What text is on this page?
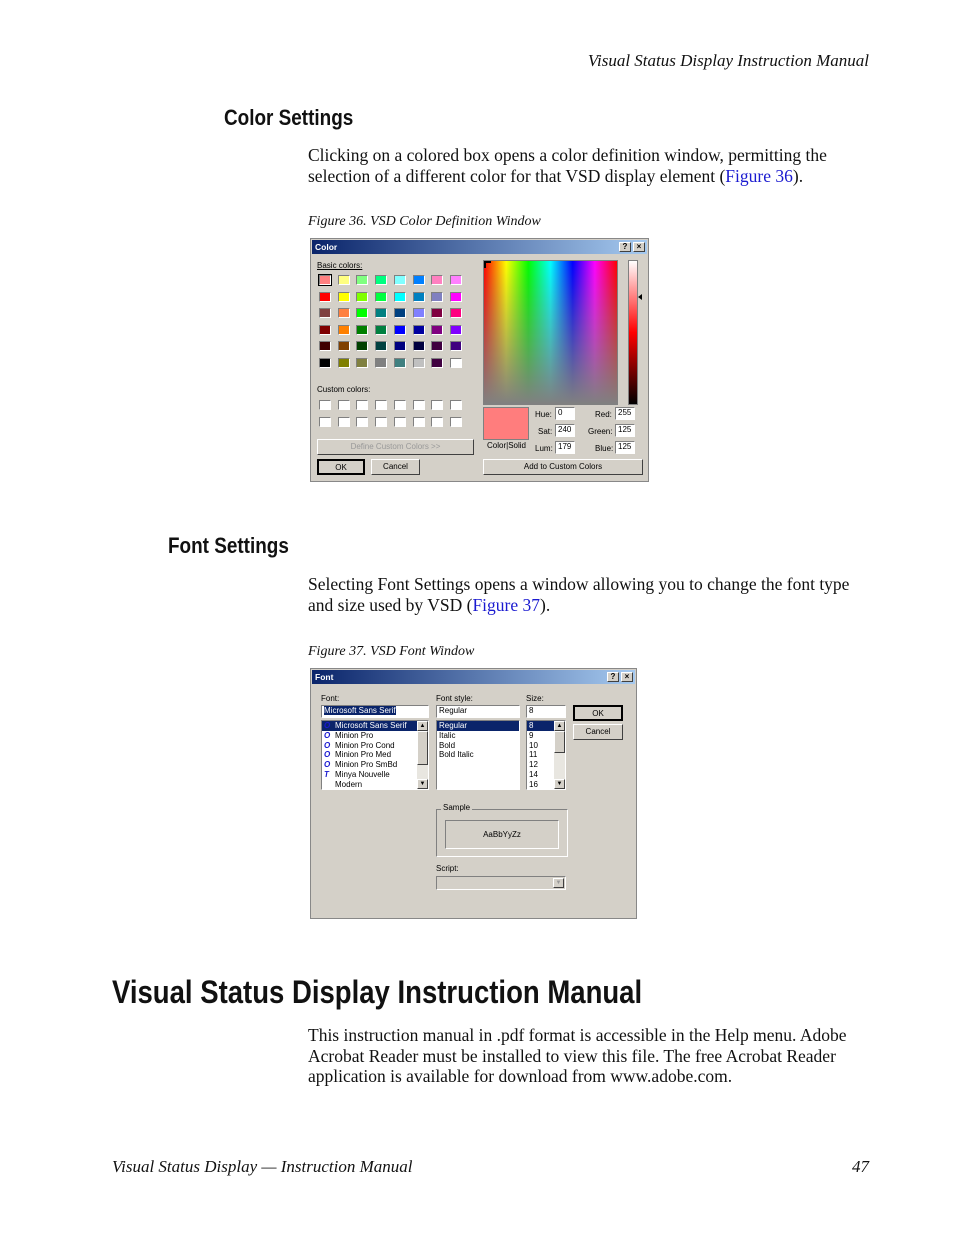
Visual Status Display Instruction Manual
Color Settings
Clicking on a colored box opens a color definition window, permitting the selection of a different color for that VSD display element (Figure 36).
Figure 36. VSD Color Definition Window
Color	?	×
Basic colors:
Custom colors:
Define Custom Colors >>
OK	Cancel
Color|Solid
Hue: 0
Sat: 240
Lum: 179
Red: 255
Green: 125
Blue: 125
Add to Custom Colors
Font Settings
Selecting Font Settings opens a window allowing you to change the font type and size used by VSD (Figure 37).
Figure 37. VSD Font Window
Font	?	×
Font:
Microsoft Sans Serif
O Microsoft Sans Serif
O Minion Pro
O Minion Pro Cond
O Minion Pro Med
O Minion Pro SmBd
T Minya Nouvelle
Modern
▲
▼
Font style:
Regular
Regular
Italic
Bold
Bold Italic
Size:
8
8
9
10
11
12
14
16
▲
▼
OK
Cancel
Sample
AaBbYyZz
Script:
▼
Visual Status Display Instruction Manual
This instruction manual in .pdf format is accessible in the Help menu. Adobe Acrobat Reader must be installed to view this file. The free Acrobat Reader application is available for download from www.adobe.com.
Visual Status Display — Instruction Manual	47
